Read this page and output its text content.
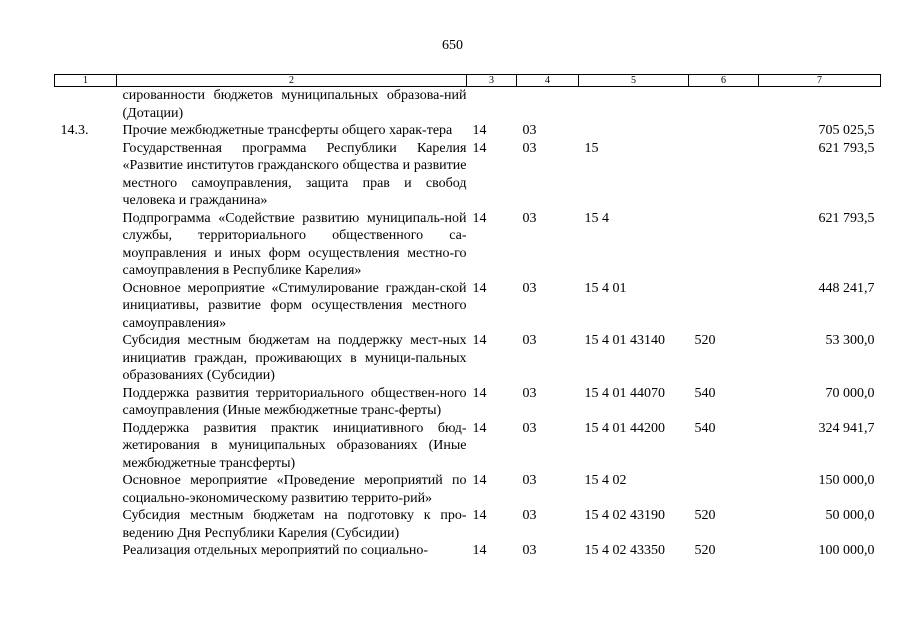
650
1	2	3	4	5	6	7
	сированности бюджетов муниципальных образова-ний (Дотации)					
14.3.	Прочие межбюджетные трансферты общего харак-тера	14	03			705 025,5
	Государственная программа Республики Карелия «Развитие институтов гражданского общества и развитие местного самоуправления, защита прав и свобод человека и гражданина»	14	03	15		621 793,5
	Подпрограмма «Содействие развитию муниципаль-ной службы, территориального общественного са-моуправления и иных форм осуществления местно-го самоуправления в Республике Карелия»	14	03	15 4		621 793,5
	Основное мероприятие «Стимулирование граждан-ской инициативы, развитие форм осуществления местного самоуправления»	14	03	15 4 01		448 241,7
	Субсидия местным бюджетам на поддержку мест-ных инициатив граждан, проживающих в муници-пальных образованиях (Субсидии)	14	03	15 4 01 43140	520	53 300,0
	Поддержка развития территориального обществен-ного самоуправления (Иные межбюджетные транс-ферты)	14	03	15 4 01 44070	540	70 000,0
	Поддержка развития практик инициативного бюд-жетирования в муниципальных образованиях (Иные межбюджетные трансферты)	14	03	15 4 01 44200	540	324 941,7
	Основное мероприятие «Проведение мероприятий по социально-экономическому развитию террито-рий»	14	03	15 4 02		150 000,0
	Субсидия местным бюджетам на подготовку к про-ведению Дня Республики Карелия (Субсидии)	14	03	15 4 02 43190	520	50 000,0
	Реализация отдельных мероприятий по социально-	14	03	15 4 02 43350	520	100 000,0
